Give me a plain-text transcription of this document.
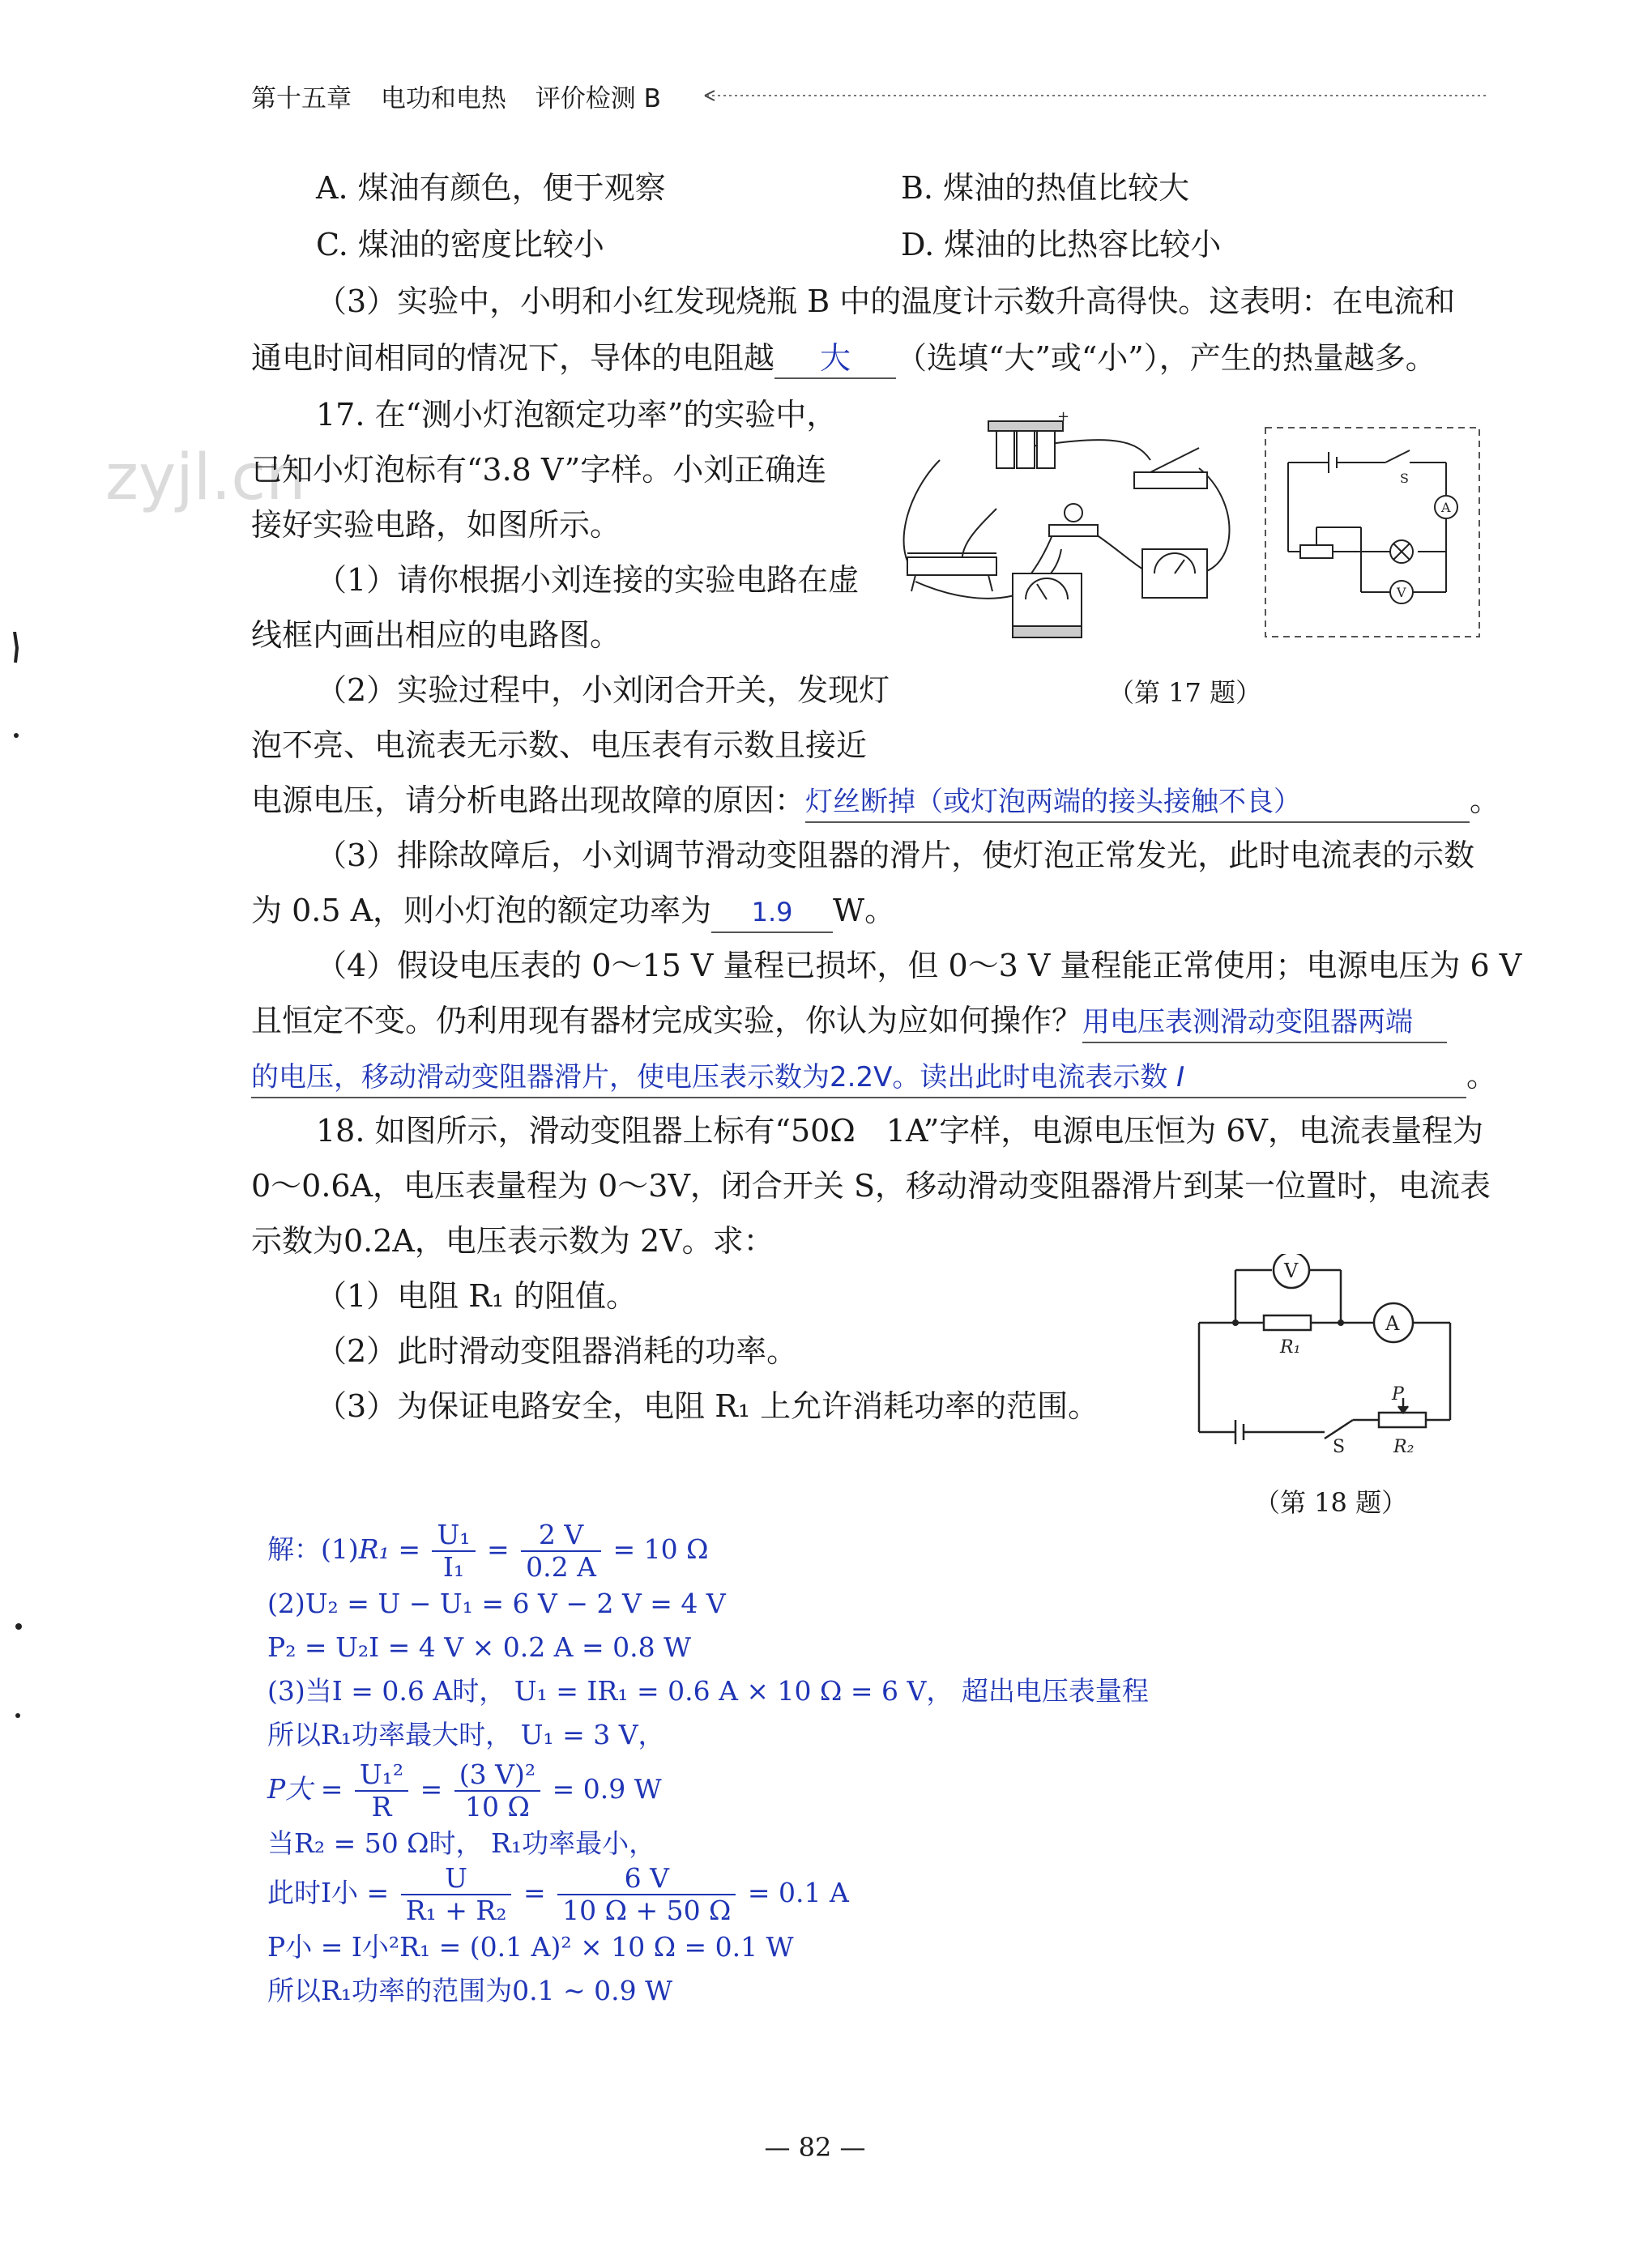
第十五章 电功和电热 评价检测 B
zyjl.cn
A. 煤油有颜色，便于观察	B. 煤油的热值比较大
C. 煤油的密度比较小	D. 煤油的比热容比较小
（3）实验中，小明和小红发现烧瓶 B 中的温度计示数升高得快。这表明：在电流和
通电时间相同的情况下，导体的电阻越 大 （选填“大”或“小”），产生的热量越多。
17. 在“测小灯泡额定功率”的实验中，
已知小灯泡标有“3.8 V”字样。小刘正确连
接好实验电路，如图所示。
（1）请你根据小刘连接的实验电路在虚
线框内画出相应的电路图。
（2）实验过程中，小刘闭合开关，发现灯
泡不亮、电流表无示数、电压表有示数且接近
电源电压，请分析电路出现故障的原因：灯丝断掉（或灯泡两端的接头接触不良）	。
（3）排除故障后，小刘调节滑动变阻器的滑片，使灯泡正常发光，此时电流表的示数
为 0.5 A，则小灯泡的额定功率为 1.9 W。
（4）假设电压表的 0～15 V 量程已损坏，但 0～3 V 量程能正常使用；电源电压为 6 V
且恒定不变。仍利用现有器材完成实验，你认为应如何操作？用电压表测滑动变阻器两端
的电压，移动滑动变阻器滑片，使电压表示数为2.2V。读出此时电流表示数 I	。
+
S
A
V
（第 17 题）
18. 如图所示，滑动变阻器上标有“50Ω　1A”字样，电源电压恒为 6V，电流表量程为
0～0.6A，电压表量程为 0～3V，闭合开关 S，移动滑动变阻器滑片到某一位置时，电流表
示数为0.2A，电压表示数为 2V。求：
（1）电阻 R₁ 的阻值。
（2）此时滑动变阻器消耗的功率。
（3）为保证电路安全，电阻 R₁ 上允许消耗功率的范围。
V
A
R₁
R₂
S
P
（第 18 题）
解：$(1)R_1 = \frac{\text{U₁}}{\text{I₁}} = \frac{2 V}{0.2 A} = 10$ Ω
(2)U₂ = U − U₁ = 6 V − 2 V = 4 V
P₂ = U₂I = 4 V × 0.2 A = 0.8 W
(3)当I = 0.6 A时， U₁ = IR₁ = 0.6 A × 10 Ω = 6 V， 超出电压表量程
所以R₁功率最大时， U₁ = 3 V，
P大 = $\frac{\text{U₁²}}{R} = \frac{\text{(3 V)²}}{10 \Omega} = 0.9$ W
当R₂ = 50 Ω时， R₁功率最小，
此时I小 = $\frac{U}{\text{R₁ + R₂}} = \frac{6 V}{10 \Omega + 50 \Omega} = 0.1$ A
P小 = I小²R₁ = (0.1 A)² × 10 Ω = 0.1 W
所以R₁功率的范围为0.1 ~ 0.9 W
— 82 —
